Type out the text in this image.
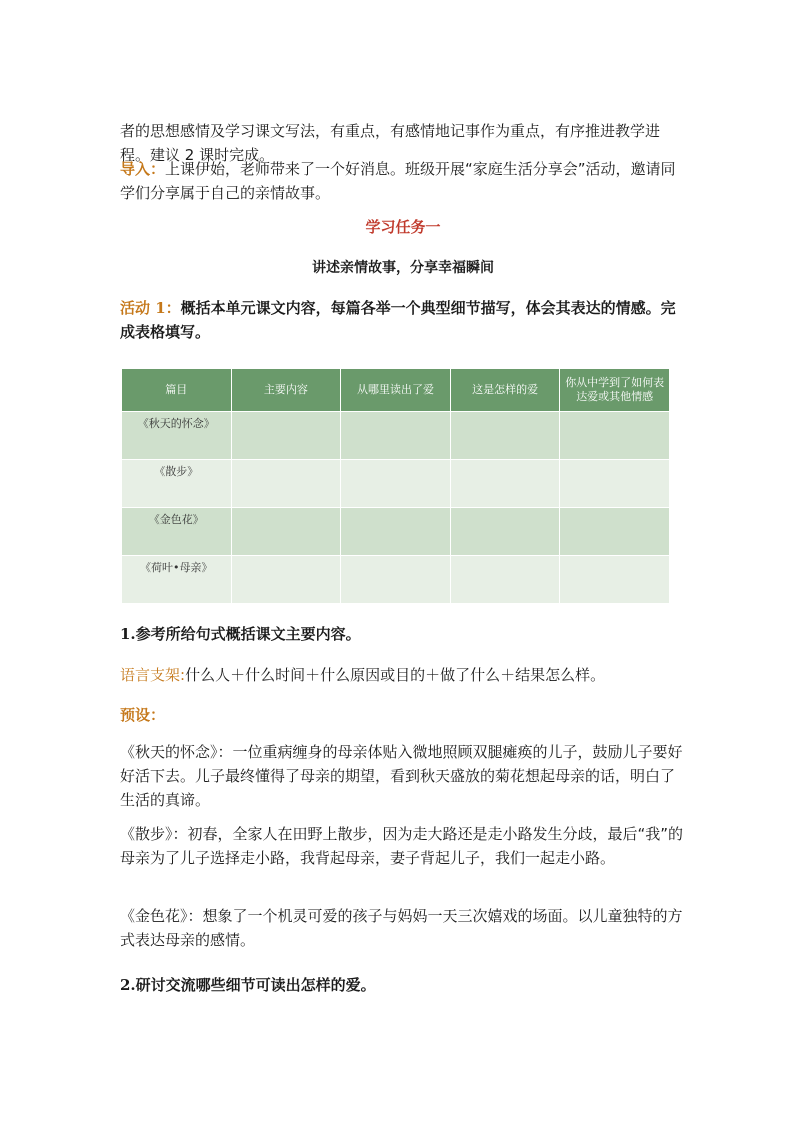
者的思想感情及学习课文写法，有重点，有感情地记事作为重点，有序推进教学进程。建议 2 课时完成。

导入：上课伊始，老师带来了一个好消息。班级开展“家庭生活分享会”活动，邀请同学们分享属于自己的亲情故事。

学习任务一

讲述亲情故事，分享幸福瞬间

活动 1：概括本单元课文内容，每篇各举一个典型细节描写，体会其表达的情感。完成表格填写。

篇目	主要内容	从哪里读出了爱	这是怎样的爱	你从中学到了如何表达爱或其他情感
《秋天的怀念》				
《散步》				
《金色花》				
《荷叶•母亲》				

1.参考所给句式概括课文主要内容。

语言支架:什么人＋什么时间＋什么原因或目的＋做了什么＋结果怎么样。

预设：

《秋天的怀念》：一位重病缠身的母亲体贴入微地照顾双腿瘫痪的儿子，鼓励儿子要好好活下去。儿子最终懂得了母亲的期望，看到秋天盛放的菊花想起母亲的话，明白了生活的真谛。

《散步》：初春，全家人在田野上散步，因为走大路还是走小路发生分歧，最后“我”的母亲为了儿子选择走小路，我背起母亲，妻子背起儿子，我们一起走小路。

《金色花》：想象了一个机灵可爱的孩子与妈妈一天三次嬉戏的场面。以儿童独特的方式表达母亲的感情。

2.研讨交流哪些细节可读出怎样的爱。
